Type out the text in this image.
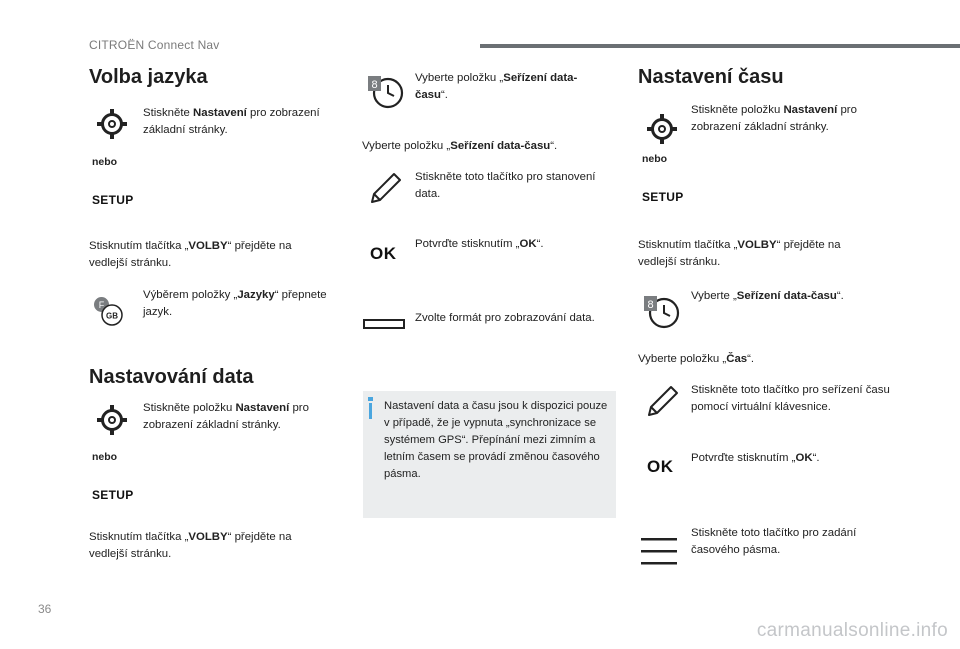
CITROËN Connect Nav
Volba jazyka
Stiskněte Nastavení pro zobrazení základní stránky.
nebo
SETUP
Stisknutím tlačítka „VOLBY“ přejděte na vedlejší stránku.
F
GB
Výběrem položky „Jazyky“ přepnete jazyk.
Nastavování data
Stiskněte položku Nastavení pro zobrazení základní stránky.
nebo
SETUP
Stisknutím tlačítka „VOLBY“ přejděte na vedlejší stránku.
8
Vyberte položku „Seřízení data-času“.
Vyberte položku „Seřízení data-času“.
Stiskněte toto tlačítko pro stanovení data.
OK Potvrďte stisknutím „OK“.
Zvolte formát pro zobrazování data.
Nastavení data a času jsou k dispozici pouze v případě, že je vypnuta „synchronizace se systémem GPS“. Přepínání mezi zimním a letním časem se provádí změnou časového pásma.
Nastavení času
Stiskněte položku Nastavení pro zobrazení základní stránky.
nebo
SETUP
Stisknutím tlačítka „VOLBY“ přejděte na vedlejší stránku.
8
Vyberte „Seřízení data-času“.
Vyberte položku „Čas“.
Stiskněte toto tlačítko pro seřízení času pomocí virtuální klávesnice.
OK Potvrďte stisknutím „OK“.
Stiskněte toto tlačítko pro zadání časového pásma.
36
carmanualsonline.info
